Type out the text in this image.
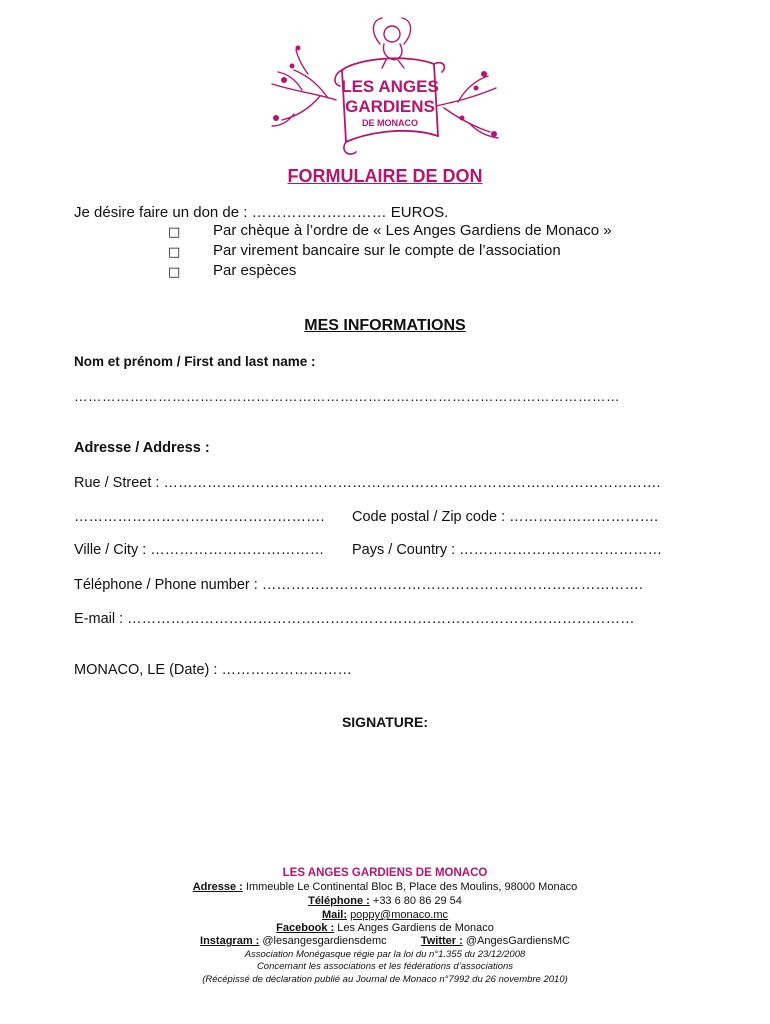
LES ANGES
GARDIENS
DE MONACO
FORMULAIRE DE DON
Je désire faire un don de : ……………………… EUROS.
□ Par chèque à l’ordre de « Les Anges Gardiens de Monaco »
□ Par virement bancaire sur le compte de l’association
□ Par espèces
MES INFORMATIONS
Nom et prénom / First and last name :
………………………………………………………………………………………………………
Adresse / Address :
Rue / Street : ………………………………………………………………………………………….
……………………………………………. Code postal / Zip code : ………………………….
Ville / City : ……………………………… Pays / Country : ……………………………………
Téléphone / Phone number : …………………………………………………………………….
E-mail : ……………………………………………………………………………………………
MONACO, LE (Date) : ………………………
SIGNATURE:
LES ANGES GARDIENS DE MONACO
Adresse : Immeuble Le Continental Bloc B, Place des Moulins, 98000 Monaco
Téléphone : +33 6 80 86 29 54
Mail: poppy@monaco.mc
Facebook : Les Anges Gardiens de Monaco
Instagram : @lesangesgardiensdemc	Twitter : @AngesGardiensMC
Association Monégasque régie par la loi du n°1.355 du 23/12/2008
Concernant les associations et les fédérations d’associations
(Récépissé de déclaration publié au Journal de Monaco n°7992 du 26 novembre 2010)
